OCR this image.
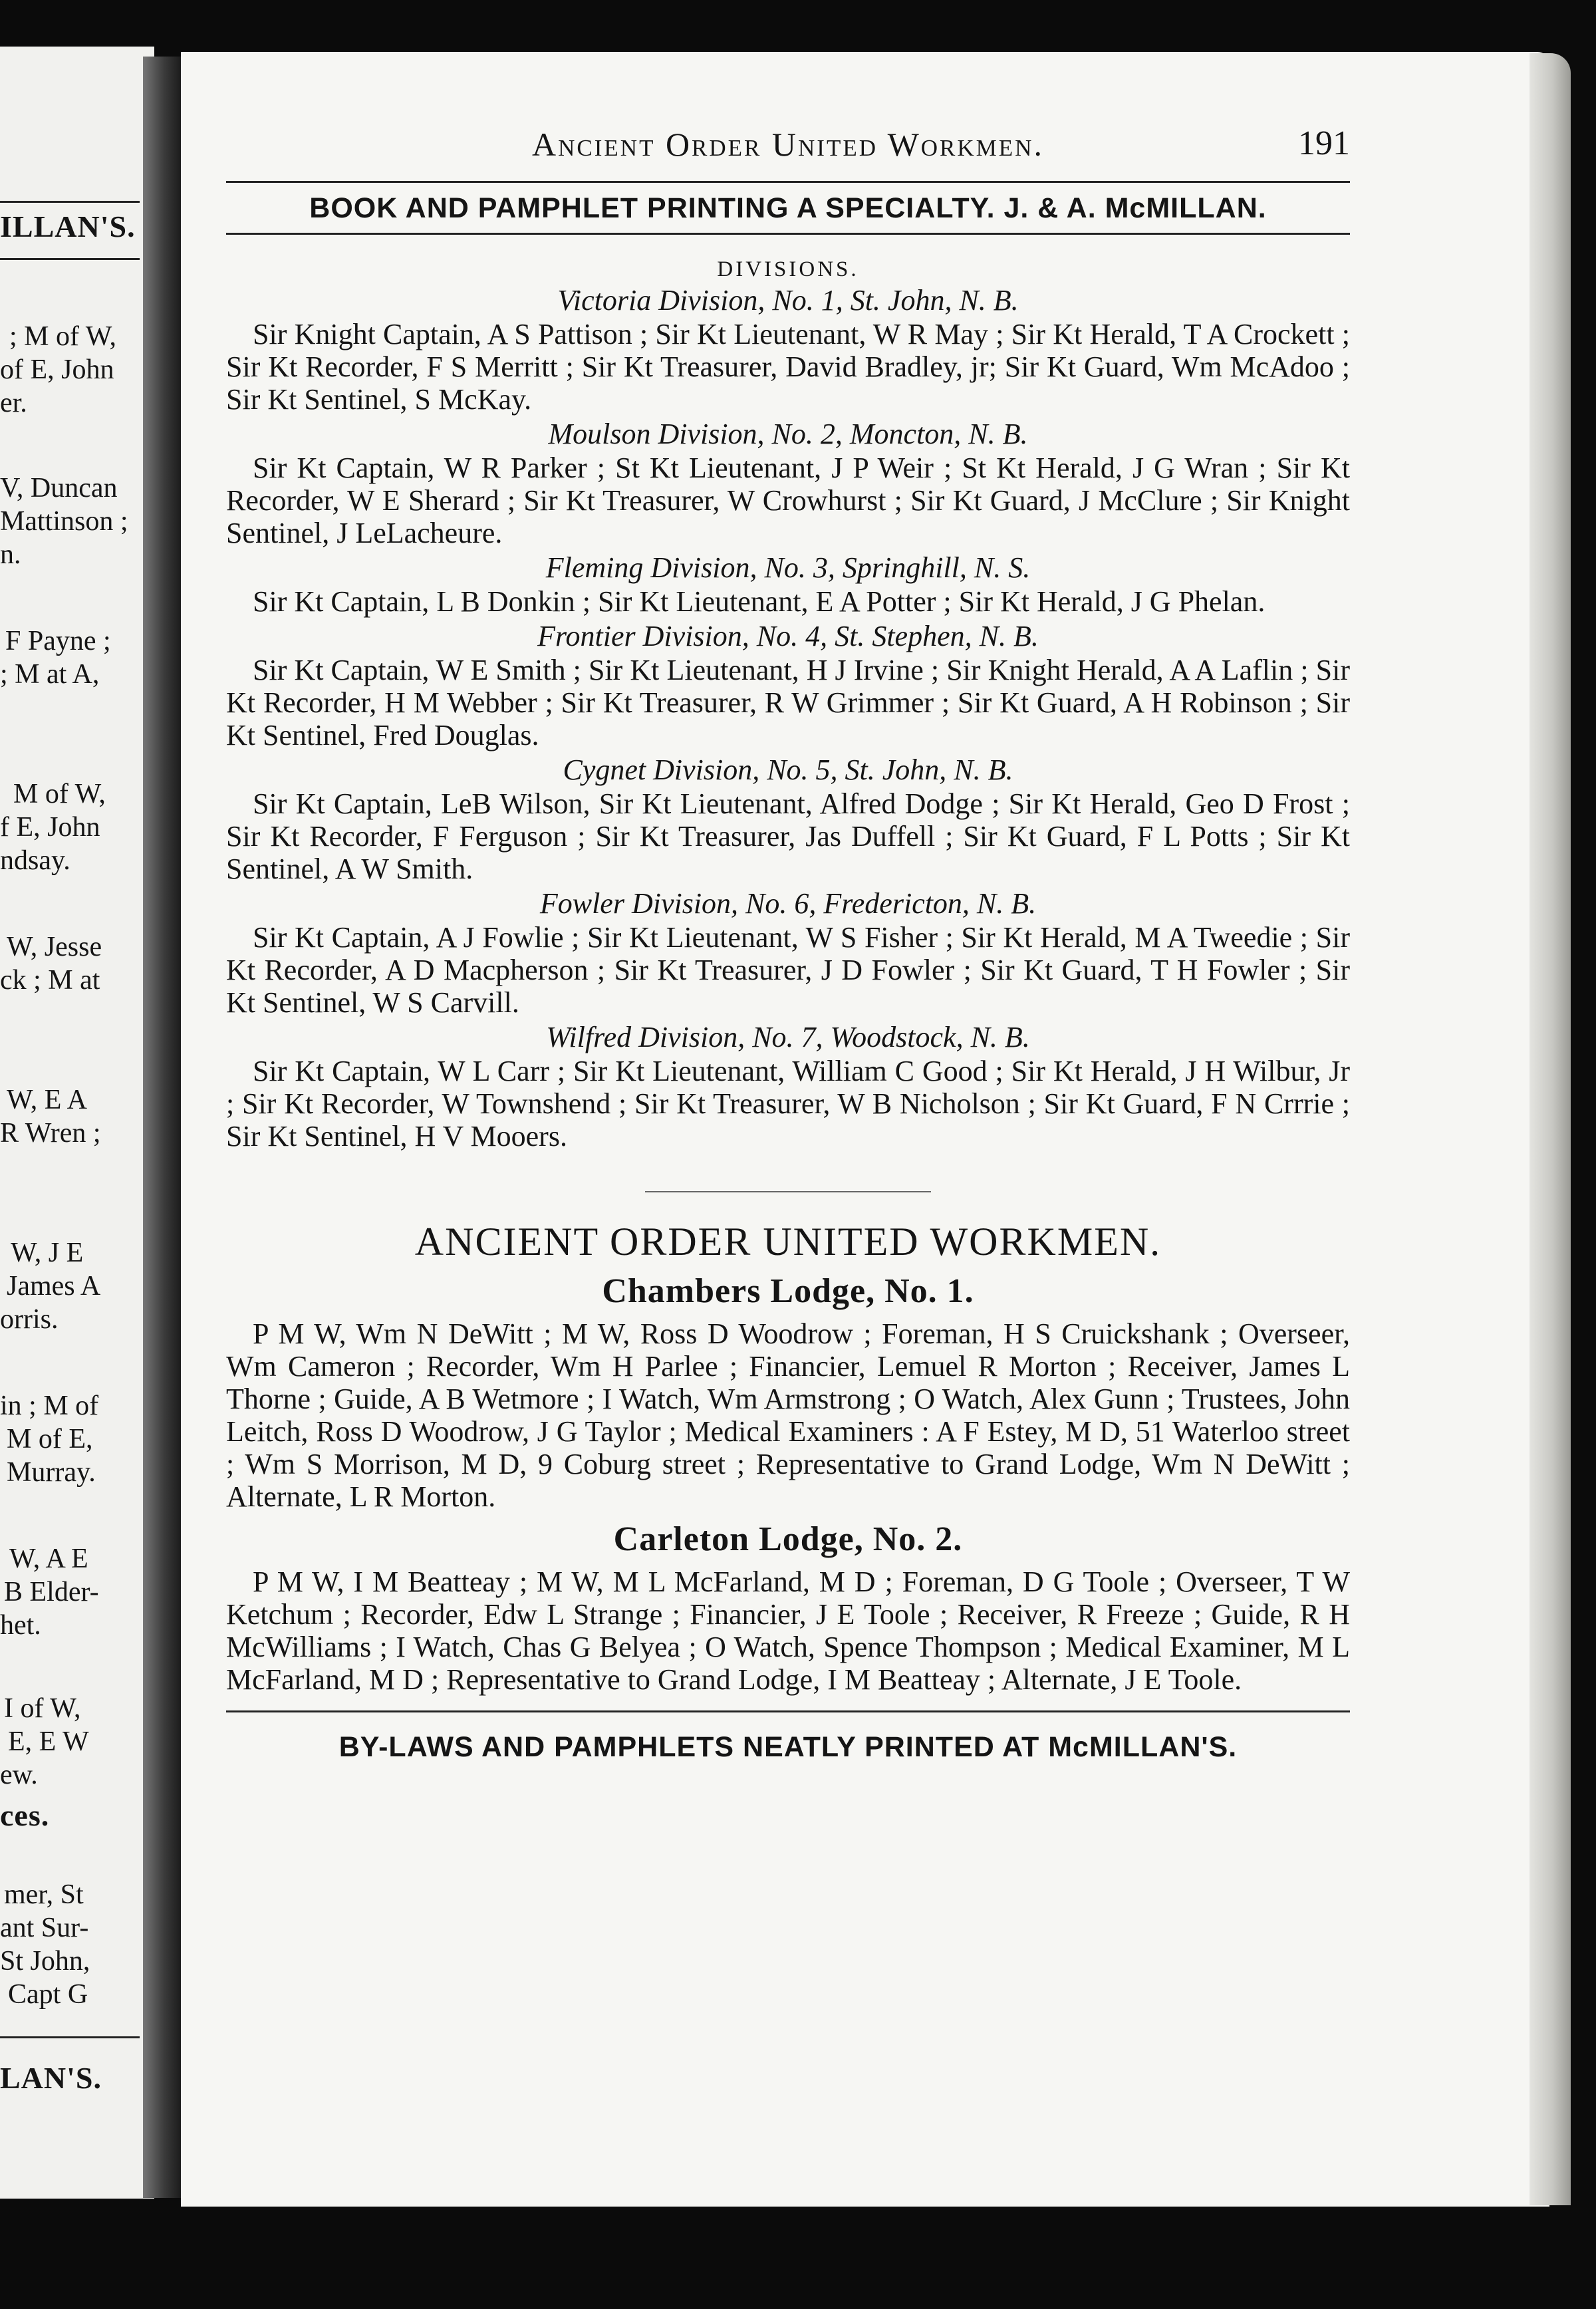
ILLAN'S.
; M of W,
of E, John
er.
V, Duncan
Mattinson ;
n.
F Payne ;
; M at A,
M of W,
f E, John
ndsay.
W, Jesse
ck ; M at
W, E A
R Wren ;
W, J E
James A
orris.
in ; M of
M of E,
Murray.
W, A E
B Elder-
het.
I of W,
E, E W
ew.
ces.
mer, St
ant Sur-
St John,
Capt G
LAN'S.
Ancient Order United Workmen.	191
BOOK AND PAMPHLET PRINTING A SPECIALTY. J. & A. McMILLAN.
DIVISIONS.
Victoria Division, No. 1, St. John, N. B.

Sir Knight Captain, A S Pattison ; Sir Kt Lieutenant, W R May ; Sir Kt Herald, T A Crockett ; Sir Kt Recorder, F S Merritt ; Sir Kt Treasurer, David Bradley, jr; Sir Kt Guard, Wm McAdoo ; Sir Kt Sentinel, S McKay.

Moulson Division, No. 2, Moncton, N. B.

Sir Kt Captain, W R Parker ; St Kt Lieutenant, J P Weir ; St Kt Herald, J G Wran ; Sir Kt Recorder, W E Sherard ; Sir Kt Treasurer, W Crowhurst ; Sir Kt Guard, J McClure ; Sir Knight Sentinel, J LeLacheure.

Fleming Division, No. 3, Springhill, N. S.

Sir Kt Captain, L B Donkin ; Sir Kt Lieutenant, E A Potter ; Sir Kt Herald, J G Phelan.

Frontier Division, No. 4, St. Stephen, N. B.

Sir Kt Captain, W E Smith ; Sir Kt Lieutenant, H J Irvine ; Sir Knight Herald, A A Laflin ; Sir Kt Recorder, H M Webber ; Sir Kt Treasurer, R W Grimmer ; Sir Kt Guard, A H Robinson ; Sir Kt Sentinel, Fred Douglas.

Cygnet Division, No. 5, St. John, N. B.

Sir Kt Captain, LeB Wilson, Sir Kt Lieutenant, Alfred Dodge ; Sir Kt Herald, Geo D Frost ; Sir Kt Recorder, F Ferguson ; Sir Kt Treasurer, Jas Duffell ; Sir Kt Guard, F L Potts ; Sir Kt Sentinel, A W Smith.

Fowler Division, No. 6, Fredericton, N. B.

Sir Kt Captain, A J Fowlie ; Sir Kt Lieutenant, W S Fisher ; Sir Kt Herald, M A Tweedie ; Sir Kt Recorder, A D Macpherson ; Sir Kt Treasurer, J D Fowler ; Sir Kt Guard, T H Fowler ; Sir Kt Sentinel, W S Carvill.

Wilfred Division, No. 7, Woodstock, N. B.

Sir Kt Captain, W L Carr ; Sir Kt Lieutenant, William C Good ; Sir Kt Herald, J H Wilbur, Jr ; Sir Kt Recorder, W Townshend ; Sir Kt Treasurer, W B Nicholson ; Sir Kt Guard, F N Crrrie ; Sir Kt Sentinel, H V Mooers.

ANCIENT ORDER UNITED WORKMEN.
Chambers Lodge, No. 1.

P M W, Wm N DeWitt ; M W, Ross D Woodrow ; Foreman, H S Cruickshank ; Overseer, Wm Cameron ; Recorder, Wm H Parlee ; Financier, Lemuel R Morton ; Receiver, James L Thorne ; Guide, A B Wetmore ; I Watch, Wm Armstrong ; O Watch, Alex Gunn ; Trustees, John Leitch, Ross D Woodrow, J G Taylor ; Medical Examiners : A F Estey, M D, 51 Waterloo street ; Wm S Morrison, M D, 9 Coburg street ; Representative to Grand Lodge, Wm N DeWitt ; Alternate, L R Morton.

Carleton Lodge, No. 2.

P M W, I M Beatteay ; M W, M L McFarland, M D ; Foreman, D G Toole ; Overseer, T W Ketchum ; Recorder, Edw L Strange ; Financier, J E Toole ; Receiver, R Freeze ; Guide, R H McWilliams ; I Watch, Chas G Belyea ; O Watch, Spence Thompson ; Medical Examiner, M L McFarland, M D ; Representative to Grand Lodge, I M Beatteay ; Alternate, J E Toole.

BY-LAWS AND PAMPHLETS NEATLY PRINTED AT McMILLAN'S.
